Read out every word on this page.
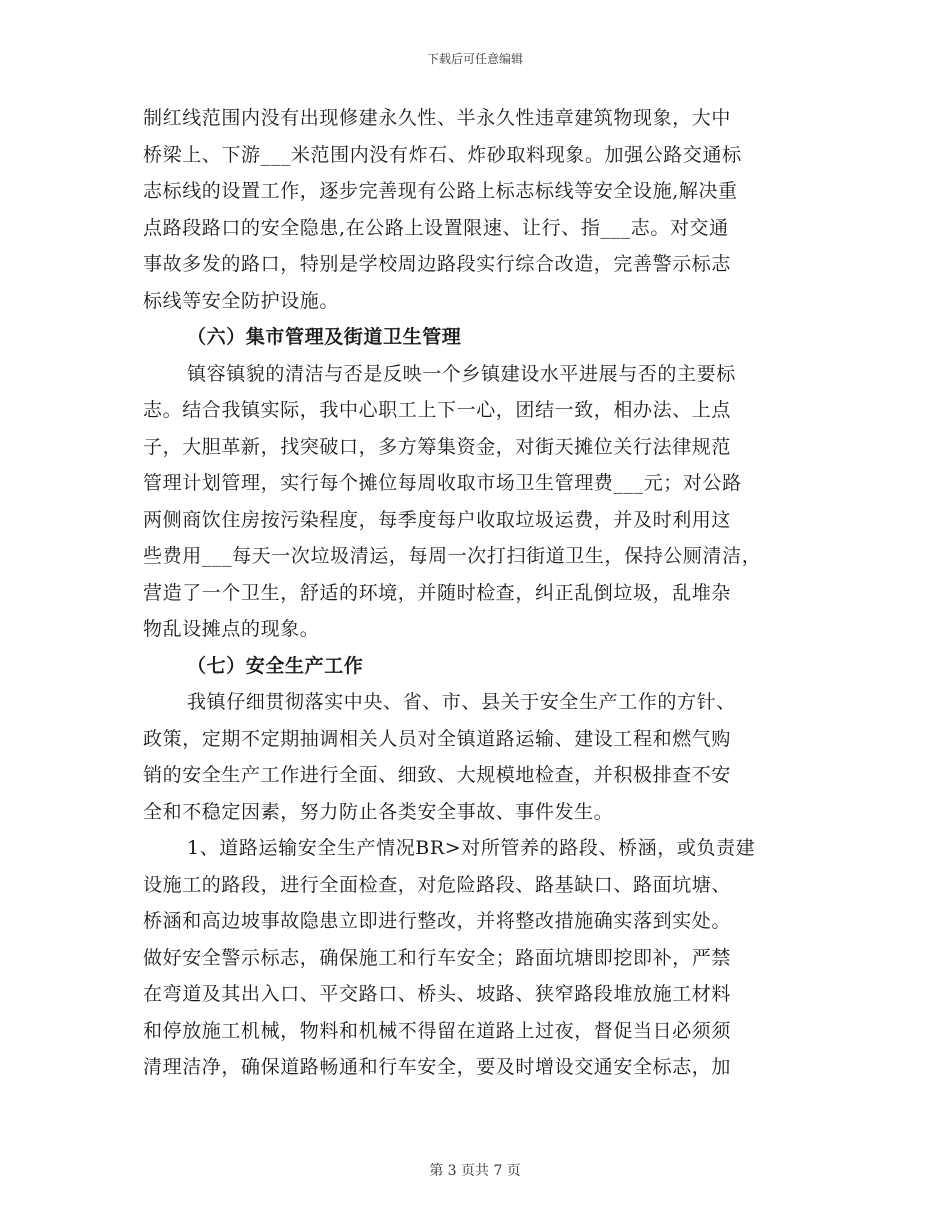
下载后可任意编辑
制红线范围内没有出现修建永久性、半永久性违章建筑物现象，大中
桥梁上、下游___米范围内没有炸石、炸砂取料现象。加强公路交通标
志标线的设置工作，逐步完善现有公路上标志标线等安全设施,解决重
点路段路口的安全隐患,在公路上设置限速、让行、指___志。对交通
事故多发的路口，特别是学校周边路段实行综合改造，完善警示标志
标线等安全防护设施。
（六）集市管理及街道卫生管理
镇容镇貌的清洁与否是反映一个乡镇建设水平进展与否的主要标
志。结合我镇实际，我中心职工上下一心，团结一致，相办法、上点
子，大胆革新，找突破口，多方筹集资金，对街天摊位关行法律规范
管理计划管理，实行每个摊位每周收取市场卫生管理费___元；对公路
两侧商饮住房按污染程度，每季度每户收取垃圾运费，并及时利用这
些费用___每天一次垃圾清运，每周一次打扫街道卫生，保持公厕清洁，
营造了一个卫生，舒适的环境，并随时检查，纠正乱倒垃圾，乱堆杂
物乱设摊点的现象。
（七）安全生产工作
我镇仔细贯彻落实中央、省、市、县关于安全生产工作的方针、
政策，定期不定期抽调相关人员对全镇道路运输、建设工程和燃气购
销的安全生产工作进行全面、细致、大规模地检查，并积极排查不安
全和不稳定因素，努力防止各类安全事故、事件发生。
1、道路运输安全生产情况BR>对所管养的路段、桥涵，或负责建
设施工的路段，进行全面检查，对危险路段、路基缺口、路面坑塘、
桥涵和高边坡事故隐患立即进行整改，并将整改措施确实落到实处。
做好安全警示标志，确保施工和行车安全；路面坑塘即挖即补，严禁
在弯道及其出入口、平交路口、桥头、坡路、狭窄路段堆放施工材料
和停放施工机械，物料和机械不得留在道路上过夜，督促当日必须须
清理洁净，确保道路畅通和行车安全，要及时增设交通安全标志，加
第 3 页共 7 页
